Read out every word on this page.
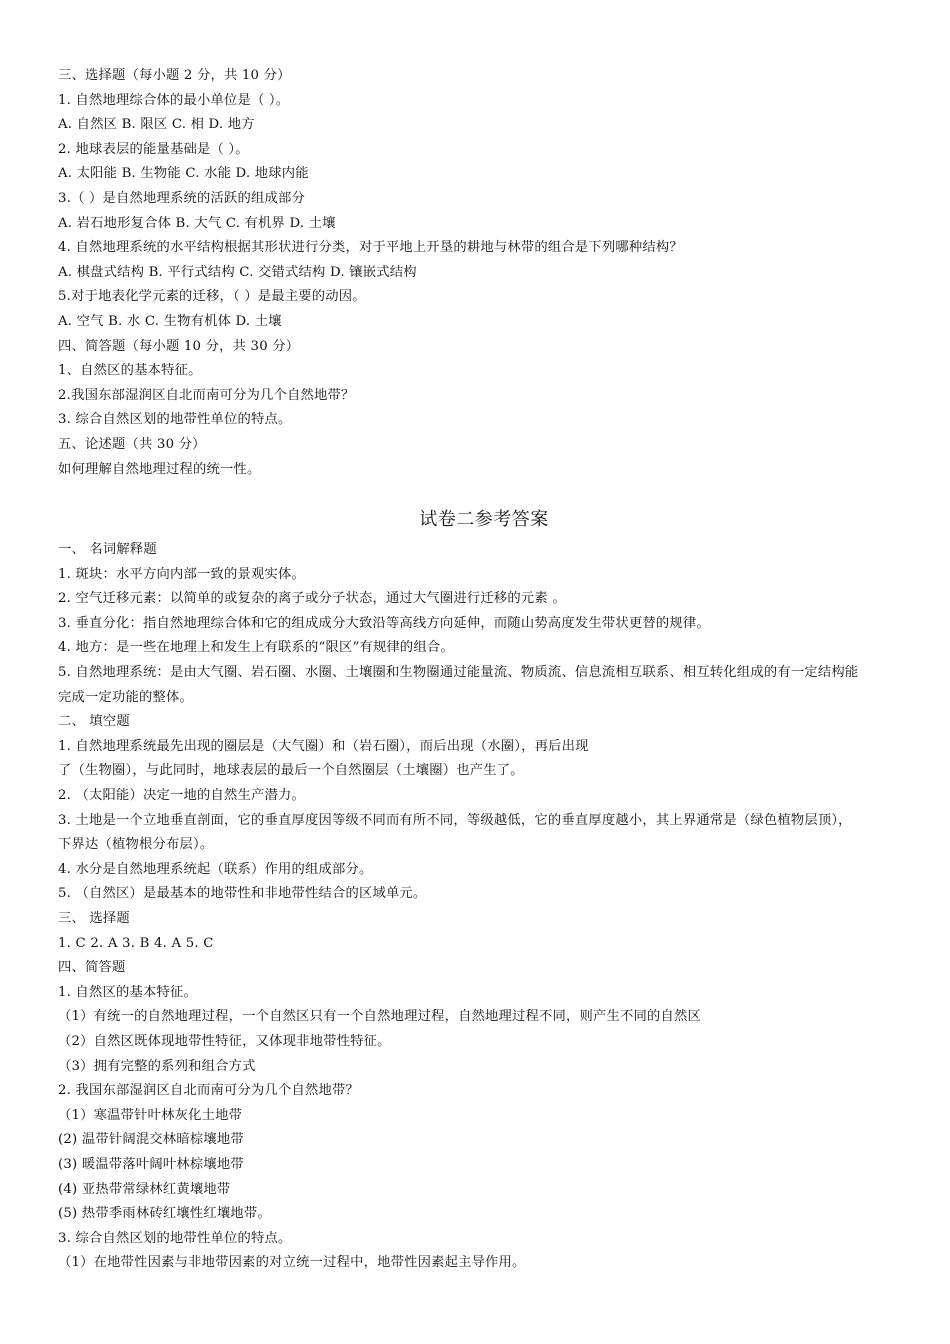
三、选择题（每小题 2 分，共 10 分）
1. 自然地理综合体的最小单位是（ ）。
A. 自然区 B. 限区 C. 相 D. 地方
2. 地球表层的能量基础是（ ）。
A. 太阳能 B. 生物能 C. 水能 D. 地球内能
3.（ ）是自然地理系统的活跃的组成部分
A. 岩石地形复合体 B. 大气 C. 有机界 D. 土壤
4. 自然地理系统的水平结构根据其形状进行分类，对于平地上开垦的耕地与林带的组合是下列哪种结构？
A. 棋盘式结构 B. 平行式结构 C. 交错式结构 D. 镶嵌式结构
5.对于地表化学元素的迁移，（ ）是最主要的动因。
A. 空气 B. 水 C. 生物有机体 D. 土壤
四、简答题（每小题 10 分，共 30 分）
1、自然区的基本特征。
2.我国东部湿润区自北而南可分为几个自然地带？
3. 综合自然区划的地带性单位的特点。
五、论述题（共 30 分）
如何理解自然地理过程的统一性。
试卷二参考答案
一、 名词解释题
1. 斑块：水平方向内部一致的景观实体。
2. 空气迁移元素：以简单的或复杂的离子或分子状态，通过大气圈进行迁移的元素 。
3. 垂直分化：指自然地理综合体和它的组成成分大致沿等高线方向延伸，而随山势高度发生带状更替的规律。
4. 地方：是一些在地理上和发生上有联系的“限区”有规律的组合。
5. 自然地理系统：是由大气圈、岩石圈、水圈、土壤圈和生物圈通过能量流、物质流、信息流相互联系、相互转化组成的有一定结构能
完成一定功能的整体。
二、 填空题
1. 自然地理系统最先出现的圈层是（大气圈）和（岩石圈），而后出现（水圈），再后出现
了（生物圈），与此同时，地球表层的最后一个自然圈层（土壤圈）也产生了。
2. （太阳能）决定一地的自然生产潜力。
3. 土地是一个立地垂直剖面，它的垂直厚度因等级不同而有所不同，等级越低，它的垂直厚度越小，其上界通常是（绿色植物层顶），
下界达（植物根分布层）。
4. 水分是自然地理系统起（联系）作用的组成部分。
5. （自然区）是最基本的地带性和非地带性结合的区域单元。
三、 选择题
1. C 2. A 3. B 4. A 5. C
四、简答题
1. 自然区的基本特征。
（1）有统一的自然地理过程，一个自然区只有一个自然地理过程，自然地理过程不同，则产生不同的自然区
（2）自然区既体现地带性特征，又体现非地带性特征。
（3）拥有完整的系列和组合方式
2. 我国东部湿润区自北而南可分为几个自然地带？
（1）寒温带针叶林灰化土地带
(2) 温带针阔混交林暗棕壤地带
(3) 暖温带落叶阔叶林棕壤地带
(4) 亚热带常绿林红黄壤地带
(5) 热带季雨林砖红壤性红壤地带。
3. 综合自然区划的地带性单位的特点。
（1）在地带性因素与非地带因素的对立统一过程中，地带性因素起主导作用。
